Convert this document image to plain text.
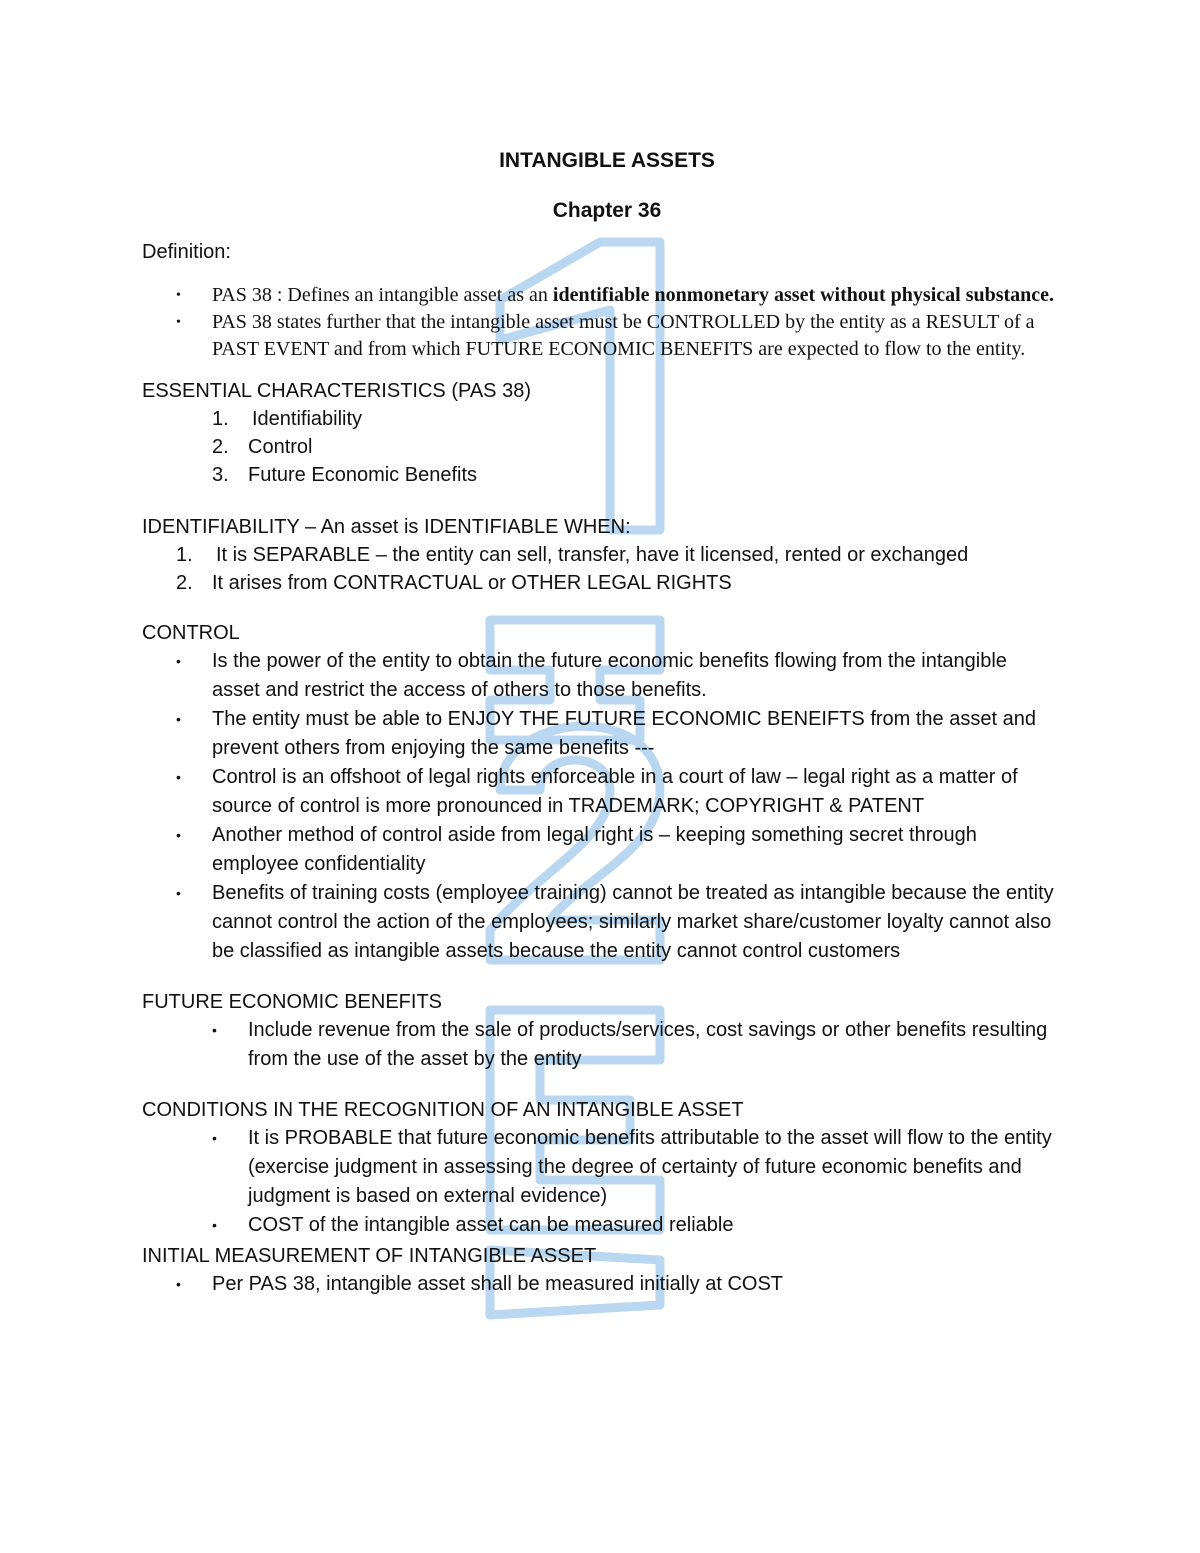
INTANGIBLE ASSETS
Chapter 36
Definition:
• PAS 38 : Defines an intangible asset as an identifiable nonmonetary asset without physical substance.
• PAS 38 states further that the intangible asset must be CONTROLLED by the entity as a RESULT of a PAST EVENT and from which FUTURE ECONOMIC BENEFITS are expected to flow to the entity.
ESSENTIAL CHARACTERISTICS (PAS 38)
1. Identifiability
2. Control
3. Future Economic Benefits
IDENTIFIABILITY – An asset is IDENTIFIABLE WHEN:
1. It is SEPARABLE – the entity can sell, transfer, have it licensed, rented or exchanged
2. It arises from CONTRACTUAL or OTHER LEGAL RIGHTS
CONTROL
• Is the power of the entity to obtain the future economic benefits flowing from the intangible asset and restrict the access of others to those benefits.
• The entity must be able to ENJOY THE FUTURE ECONOMIC BENEIFTS from the asset and prevent others from enjoying the same benefits ---
• Control is an offshoot of legal rights enforceable in a court of law – legal right as a matter of source of control is more pronounced in TRADEMARK; COPYRIGHT & PATENT
• Another method of control aside from legal right is – keeping something secret through employee confidentiality
• Benefits of training costs (employee training) cannot be treated as intangible because the entity cannot control the action of the employees; similarly market share/customer loyalty cannot also be classified as intangible assets because the entity cannot control customers
FUTURE ECONOMIC BENEFITS
• Include revenue from the sale of products/services, cost savings or other benefits resulting from the use of the asset by the entity
CONDITIONS IN THE RECOGNITION OF AN INTANGIBLE ASSET
• It is PROBABLE that future economic benefits attributable to the asset will flow to the entity (exercise judgment in assessing the degree of certainty of future economic benefits and judgment is based on external evidence)
• COST of the intangible asset can be measured reliable
INITIAL MEASUREMENT OF INTANGIBLE ASSET
• Per PAS 38, intangible asset shall be measured initially at COST
